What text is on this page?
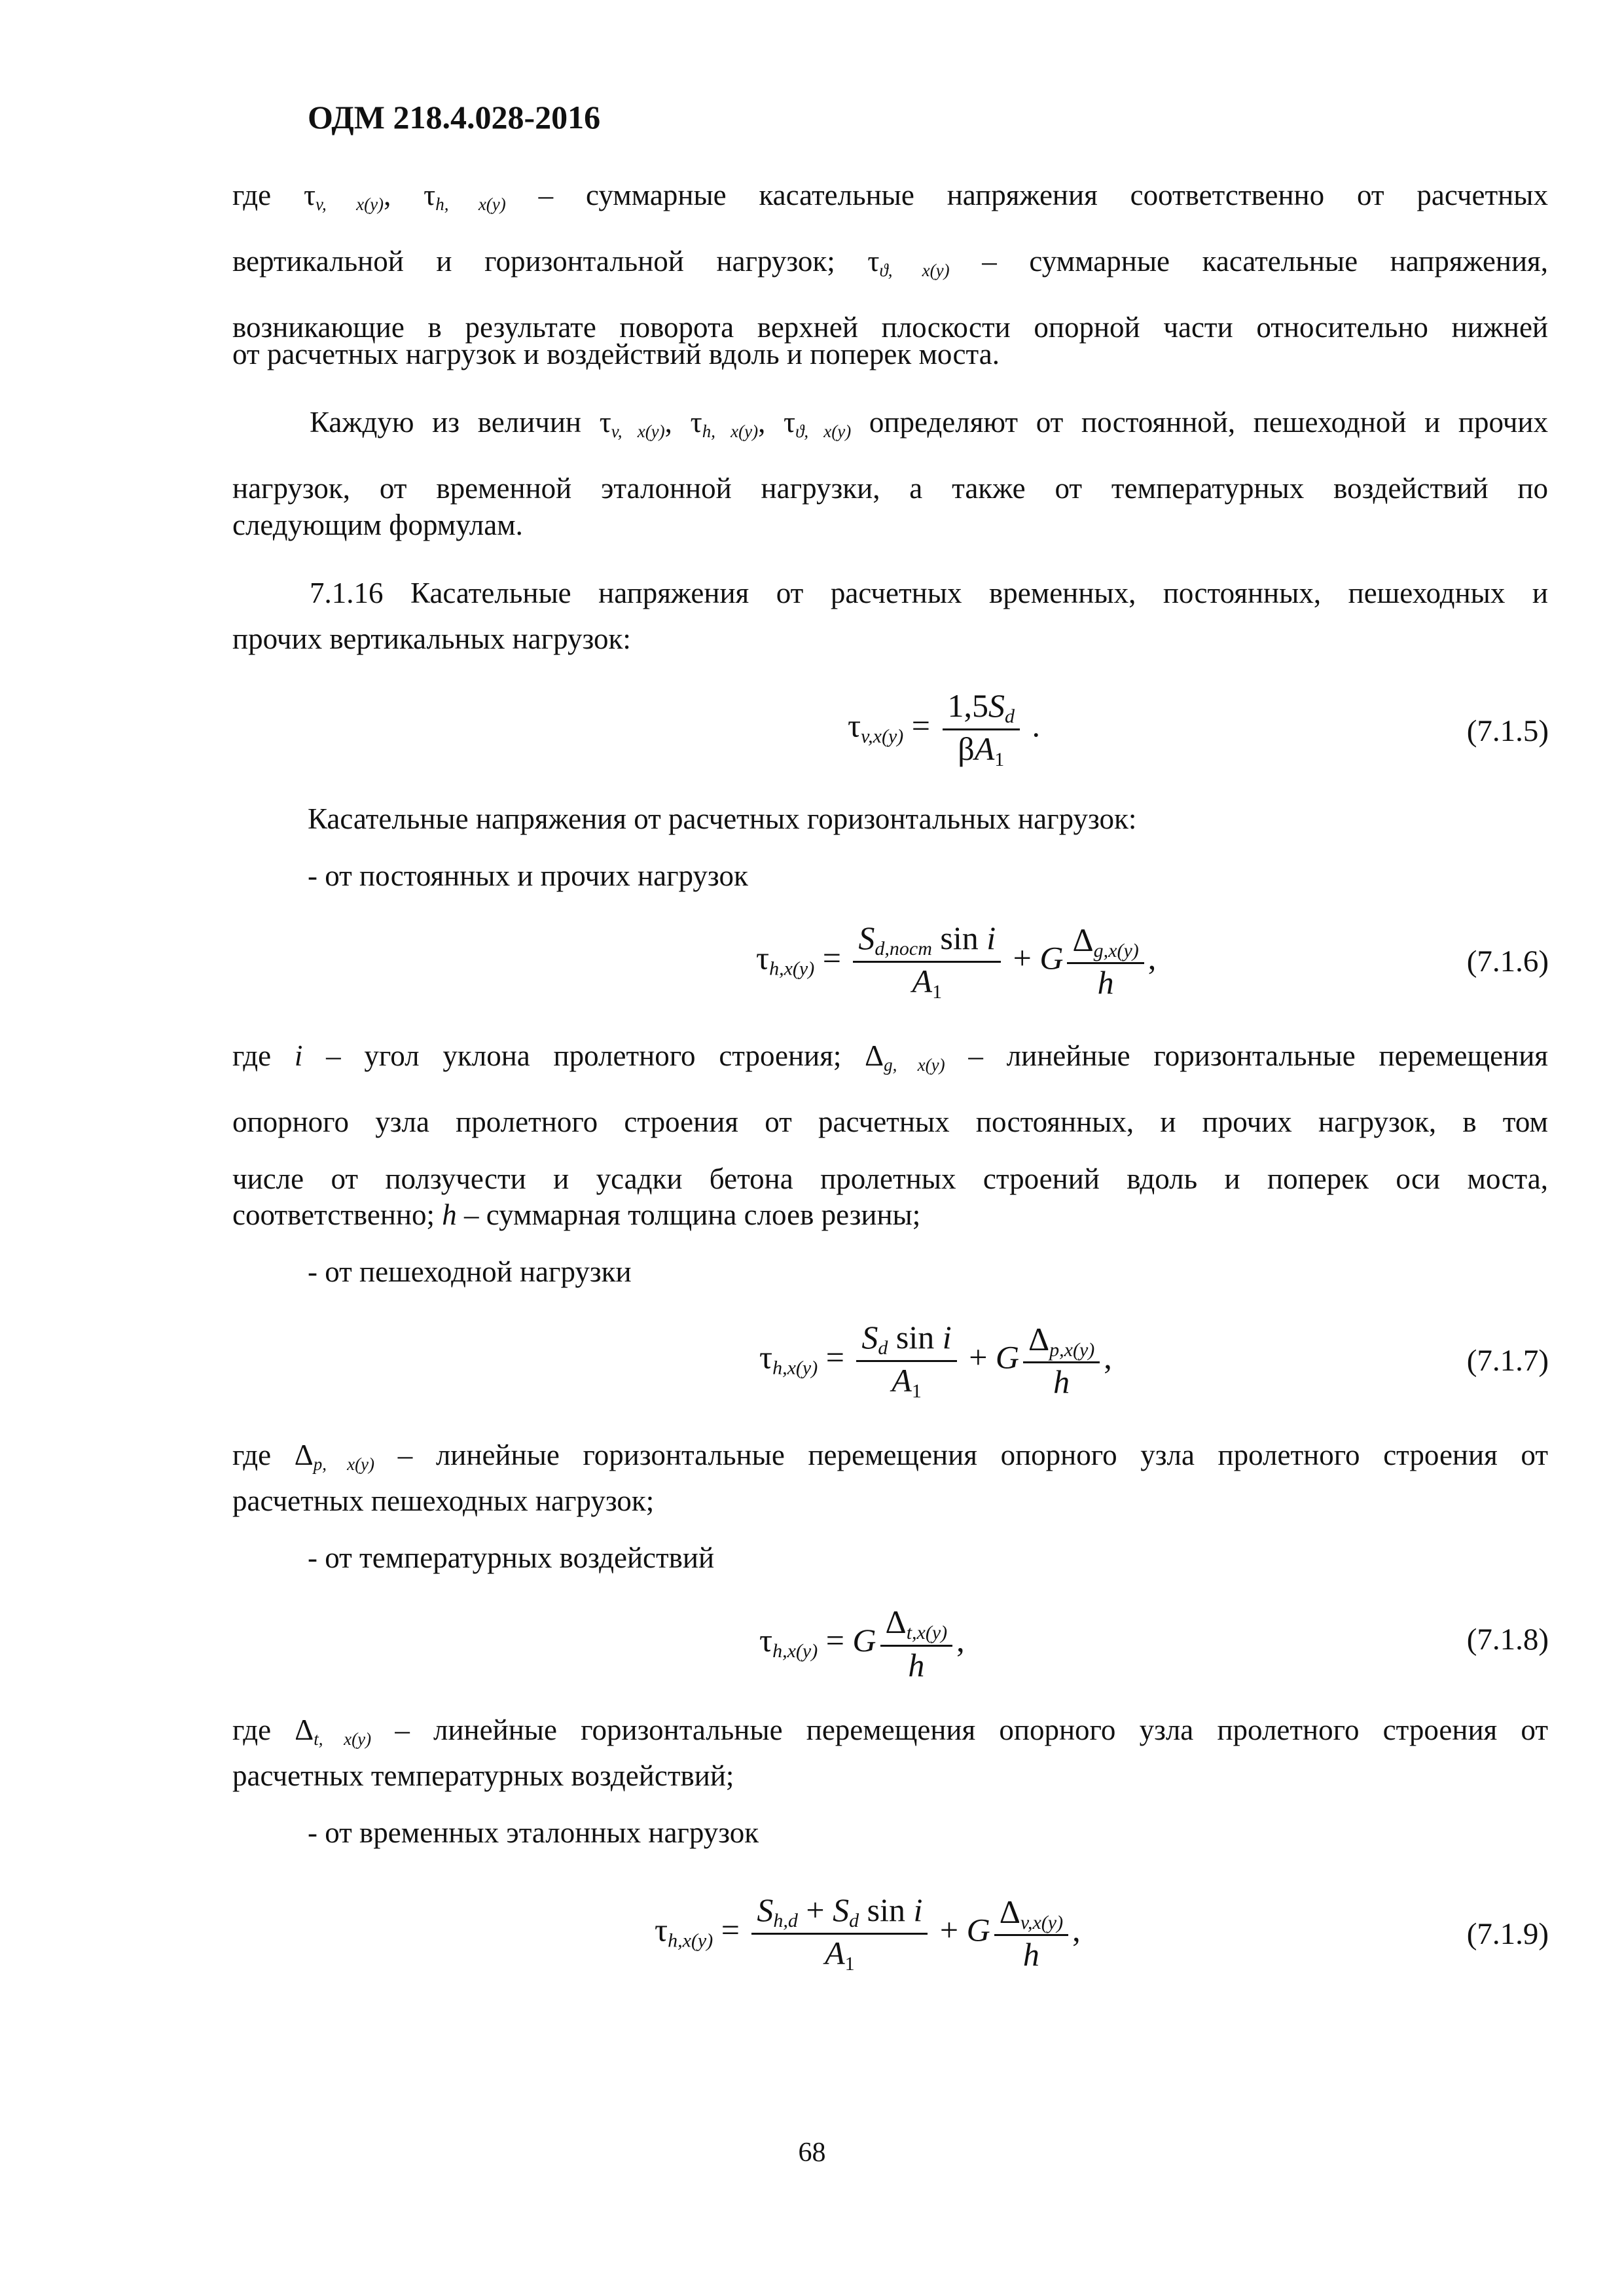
ОДМ 218.4.028-2016
где $\tau_{v, x(y)}$, $\tau_{h, x(y)}$ – суммарные касательные напряжения соответственно от расчетных
вертикальной и горизонтальной нагрузок; $\tau_{ϑ, x(y)}$ – суммарные касательные напряжения,
возникающие в результате поворота верхней плоскости опорной части относительно нижней

от расчетных нагрузок и воздействий вдоль и поперек моста.
Каждую из величин $\tau_{v, x(y)}$, $\tau_{h, x(y)}$, $\tau_{ϑ, x(y)}$ определяют от постоянной, пешеходной и прочих
нагрузок, от временной эталонной нагрузки, а также от температурных воздействий по

следующим формулам.
7.1.16 Касательные напряжения от расчетных временных, постоянных, пешеходных и

прочих вертикальных нагрузок:
$\tau_{v,x(y)} = \frac{1,5S_d}{\beta A_1}$ .	(7.1.5)
Касательные напряжения от расчетных горизонтальных нагрузок:
- от постоянных и прочих нагрузок
$\tau_{h,x(y)} = \frac{S_{d,пост} \sin i}{A_1} + G \frac{\Delta_{g,x(y)}}{h}$ ,	(7.1.6)
где i – угол уклона пролетного строения; $\Delta_{g, x(y)}$ – линейные горизонтальные перемещения
опорного узла пролетного строения от расчетных постоянных, и прочих нагрузок, в том
числе от ползучести и усадки бетона пролетных строений вдоль и поперек оси моста,

соответственно; h – суммарная толщина слоев резины;
- от пешеходной нагрузки
$\tau_{h,x(y)} = \frac{S_d \sin i}{A_1} + G \frac{\Delta_{p,x(y)}}{h}$ ,	(7.1.7)
где $\Delta_{p, x(y)}$ – линейные горизонтальные перемещения опорного узла пролетного строения от

расчетных пешеходных нагрузок;
- от температурных воздействий
$\tau_{h,x(y)} = G \frac{\Delta_{t,x(y)}}{h}$ ,	(7.1.8)
где $\Delta_{t, x(y)}$ – линейные горизонтальные перемещения опорного узла пролетного строения от

расчетных температурных воздействий;
- от временных эталонных нагрузок
$\tau_{h,x(y)} = \frac{S_{h,d} + S_d \sin i}{A_1} + G \frac{\Delta_{v,x(y)}}{h}$ ,	(7.1.9)
68
